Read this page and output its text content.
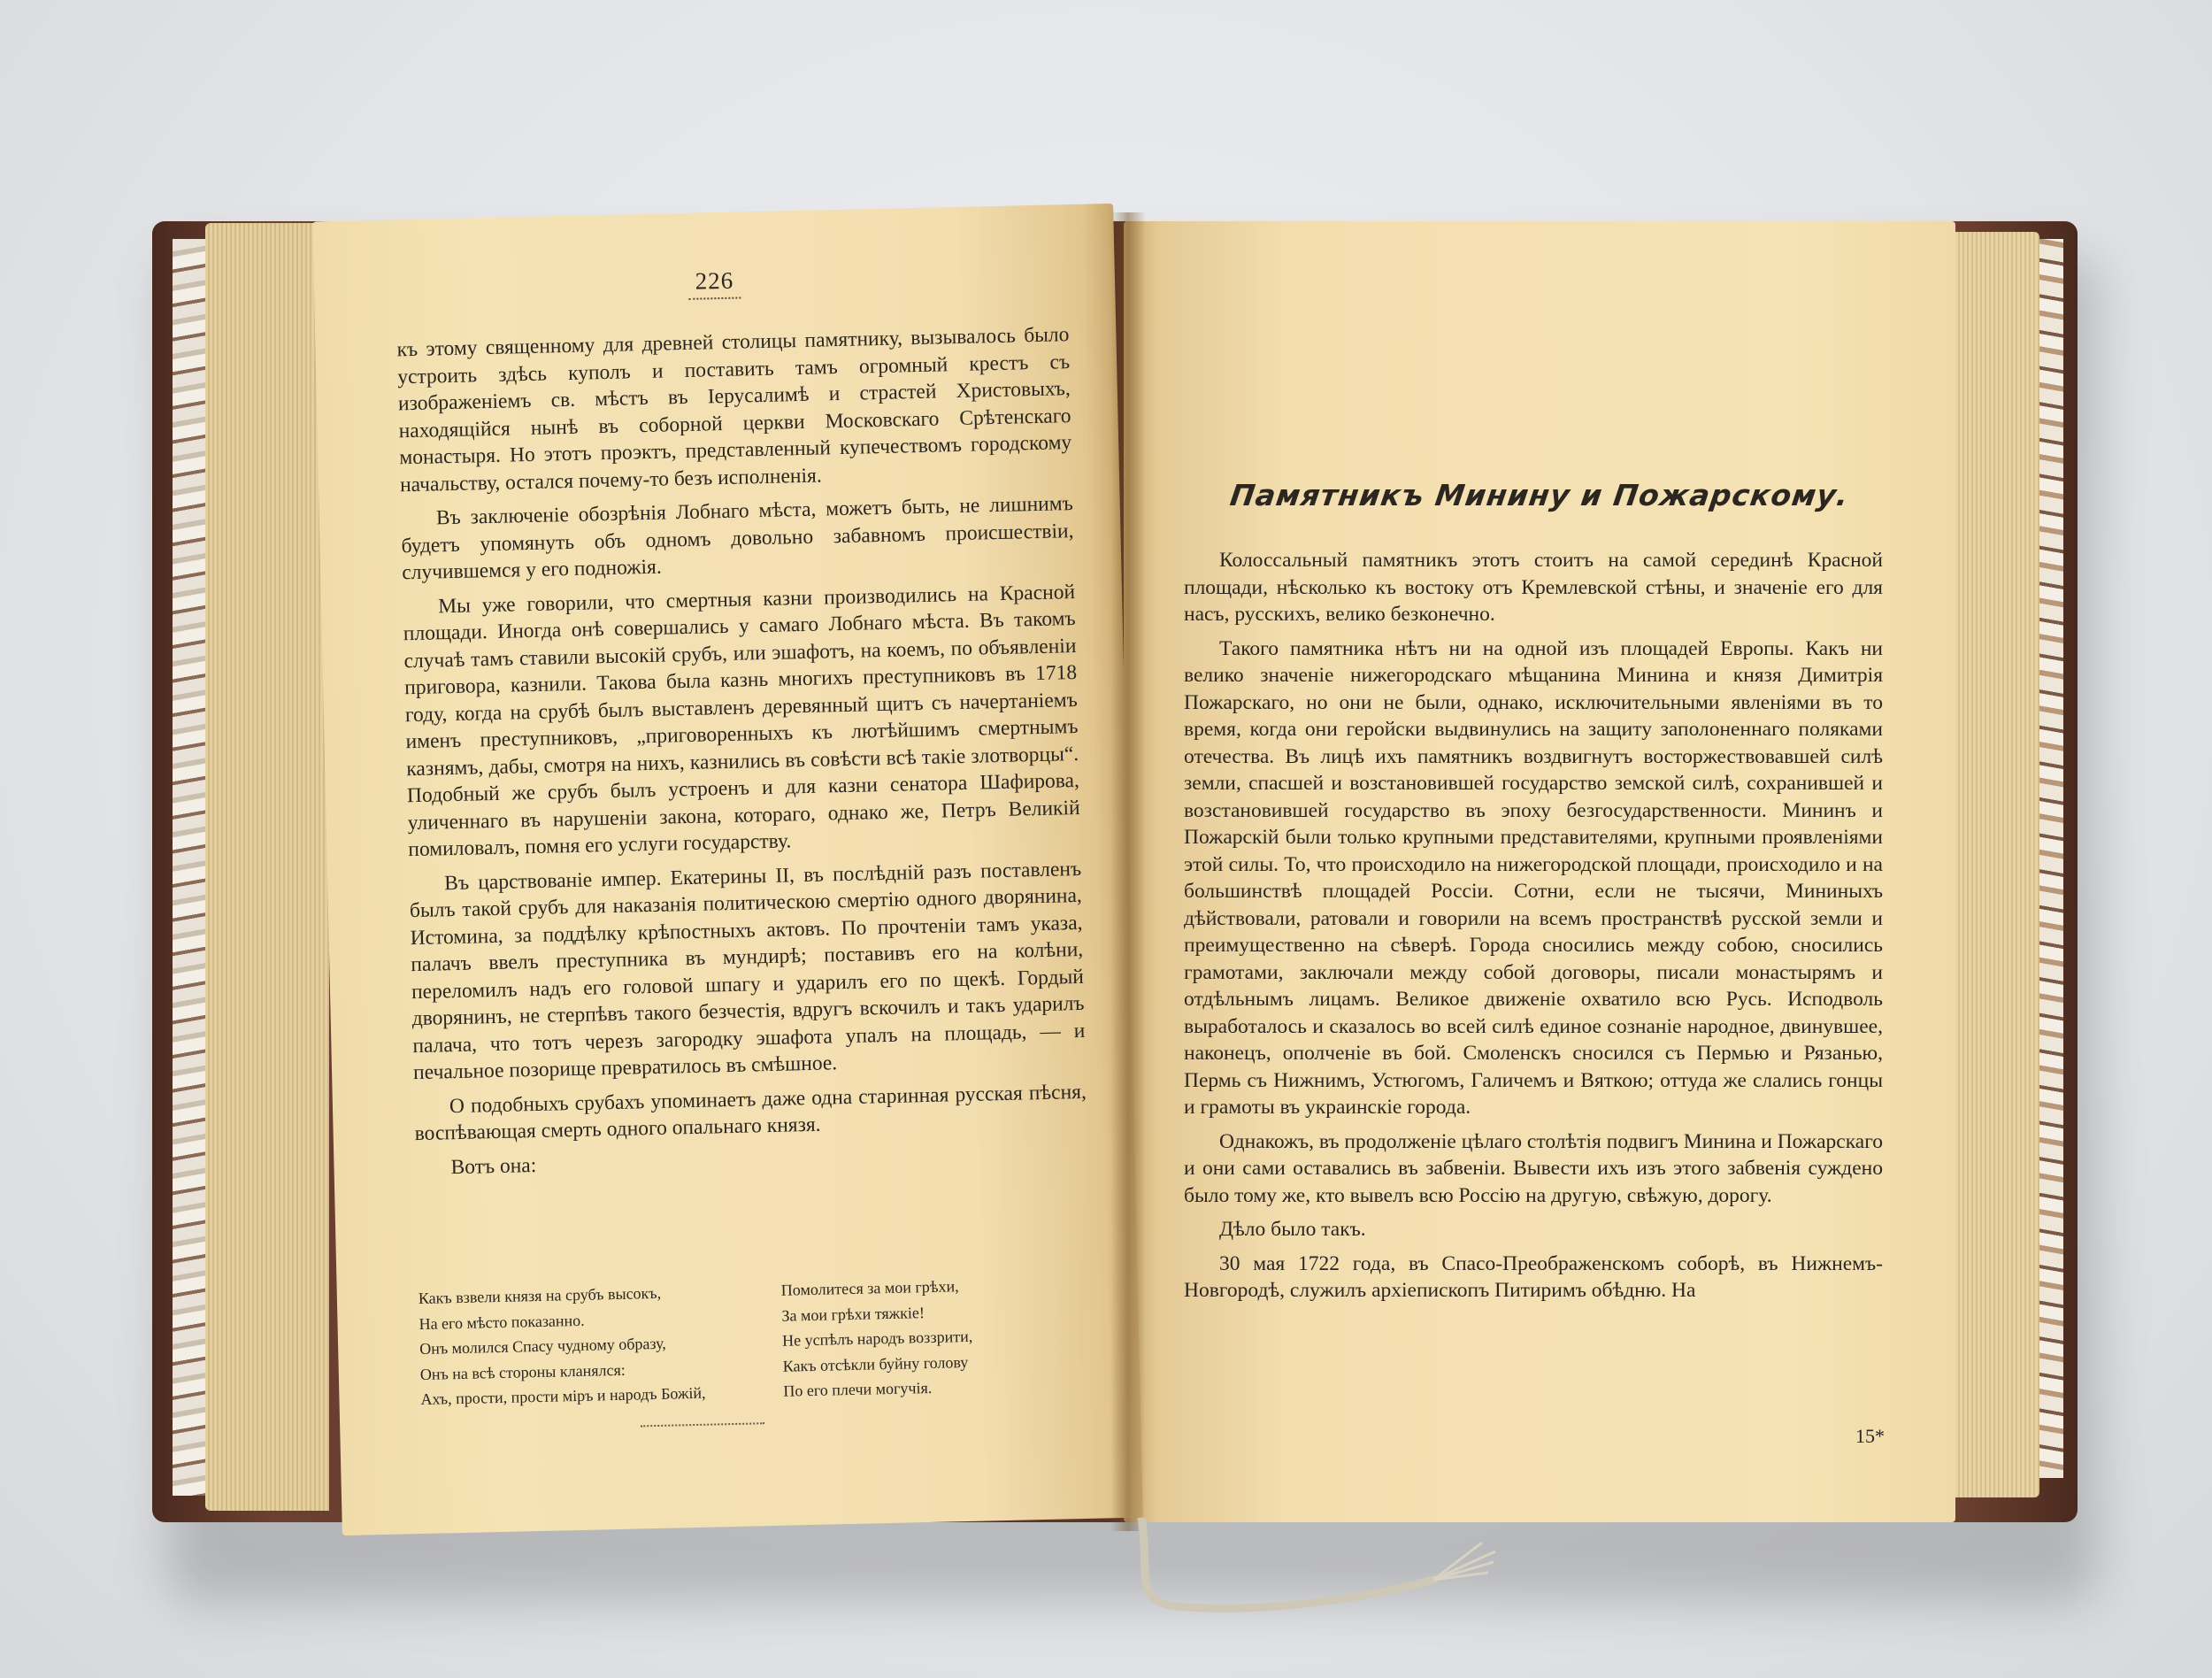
Памятникъ Минину и Пожарскому.

Колоссальный памятникъ этотъ стоитъ на самой серединѣ Красной площади, нѣсколько къ востоку отъ Кремлевской стѣны, и значеніе его для насъ, русскихъ, велико безконечно.

Такого памятника нѣтъ ни на одной изъ площадей Европы. Какъ ни велико значеніе нижегородскаго мѣщанина Минина и князя Димитрія Пожарскаго, но они не были, однако, исключительными явленіями въ то время, когда они геройски выдвинулись на защиту заполоненнаго поляками отечества. Въ лицѣ ихъ памятникъ воздвигнутъ восторжествовавшей силѣ земли, спасшей и возстановившей государство земской силѣ, сохранившей и возстановившей государство въ эпоху безгосударственности. Мининъ и Пожарскій были только крупными представителями, крупными проявленіями этой силы. То, что происходило на нижегородской площади, происходило и на большинствѣ площадей Россіи. Сотни, если не тысячи, Мининыхъ дѣйствовали, ратовали и говорили на всемъ пространствѣ русской земли и преимущественно на сѣверѣ. Города сносились между собою, сносились грамотами, заключали между собой договоры, писали монастырямъ и отдѣльнымъ лицамъ. Великое движеніе охватило всю Русь. Исподволь выработалось и сказалось во всей силѣ единое сознаніе народное, двинувшее, наконецъ, ополченіе въ бой. Смоленскъ сносился съ Пермью и Рязанью, Пермь съ Нижнимъ, Устюгомъ, Галичемъ и Вяткою; оттуда же слались гонцы и грамоты въ украинскіе города.

Однакожъ, въ продолженіе цѣлаго столѣтія подвигъ Минина и Пожарскаго и они сами оставались въ забвеніи. Вывести ихъ изъ этого забвенія суждено было тому же, кто вывелъ всю Россію на другую, свѣжую, дорогу.

Дѣло было такъ.

30 мая 1722 года, въ Спасо-Преображенскомъ соборѣ, въ Нижнемъ-Новгородѣ, служилъ архіепископъ Питиримъ обѣдню. На

15*
226

къ этому священному для древней столицы памятнику, вызывалось было устроить здѣсь куполъ и поставить тамъ огромный крестъ съ изображеніемъ св. мѣстъ въ Іерусалимѣ и страстей Христовыхъ, находящійся нынѣ въ соборной церкви Московскаго Срѣтенскаго монастыря. Но этотъ проэктъ, представленный купечествомъ городскому начальству, остался почему-то безъ исполненія.

Въ заключеніе обозрѣнія Лобнаго мѣста, можетъ быть, не лишнимъ будетъ упомянуть объ одномъ довольно забавномъ происшествіи, случившемся у его подножія.

Мы уже говорили, что смертныя казни производились на Красной площади. Иногда онѣ совершались у самаго Лобнаго мѣста. Въ такомъ случаѣ тамъ ставили высокій срубъ, или эшафотъ, на коемъ, по объявленіи приговора, казнили. Такова была казнь многихъ преступниковъ въ 1718 году, когда на срубѣ былъ выставленъ деревянный щитъ съ начертаніемъ именъ преступниковъ, „приговоренныхъ къ лютѣйшимъ смертнымъ казнямъ, дабы, смотря на нихъ, казнились въ совѣсти всѣ такіе злотворцы“. Подобный же срубъ былъ устроенъ и для казни сенатора Шафирова, уличеннаго въ нарушеніи закона, котораго, однако же, Петръ Великій помиловалъ, помня его услуги государству.

Въ царствованіе импер. Екатерины II, въ послѣдній разъ поставленъ былъ такой срубъ для наказанія политическою смертію одного дворянина, Истомина, за поддѣлку крѣпостныхъ актовъ. По прочтеніи тамъ указа, палачъ ввелъ преступника въ мундирѣ; поставивъ его на колѣни, переломилъ надъ его головой шпагу и ударилъ его по щекѣ. Гордый дворянинъ, не стерпѣвъ такого безчестія, вдругъ вскочилъ и такъ ударилъ палача, что тотъ черезъ загородку эшафота упалъ на площадь, — и печальное позорище превратилось въ смѣшное.

О подобныхъ срубахъ упоминаетъ даже одна старинная русская пѣсня, воспѣвающая смерть одного опальнаго князя.

Вотъ она:

Какъ взвели князя на срубъ высокъ,
На его мѣсто показанно.
Онъ молился Спасу чудному образу,
Онъ на всѣ стороны кланялся:
Ахъ, прости, прости міръ и народъ Божій,
Помолитеся за мои грѣхи,
За мои грѣхи тяжкіе!
Не успѣлъ народъ воззрити,
Какъ отсѣкли буйну голову
По его плечи могучія.
